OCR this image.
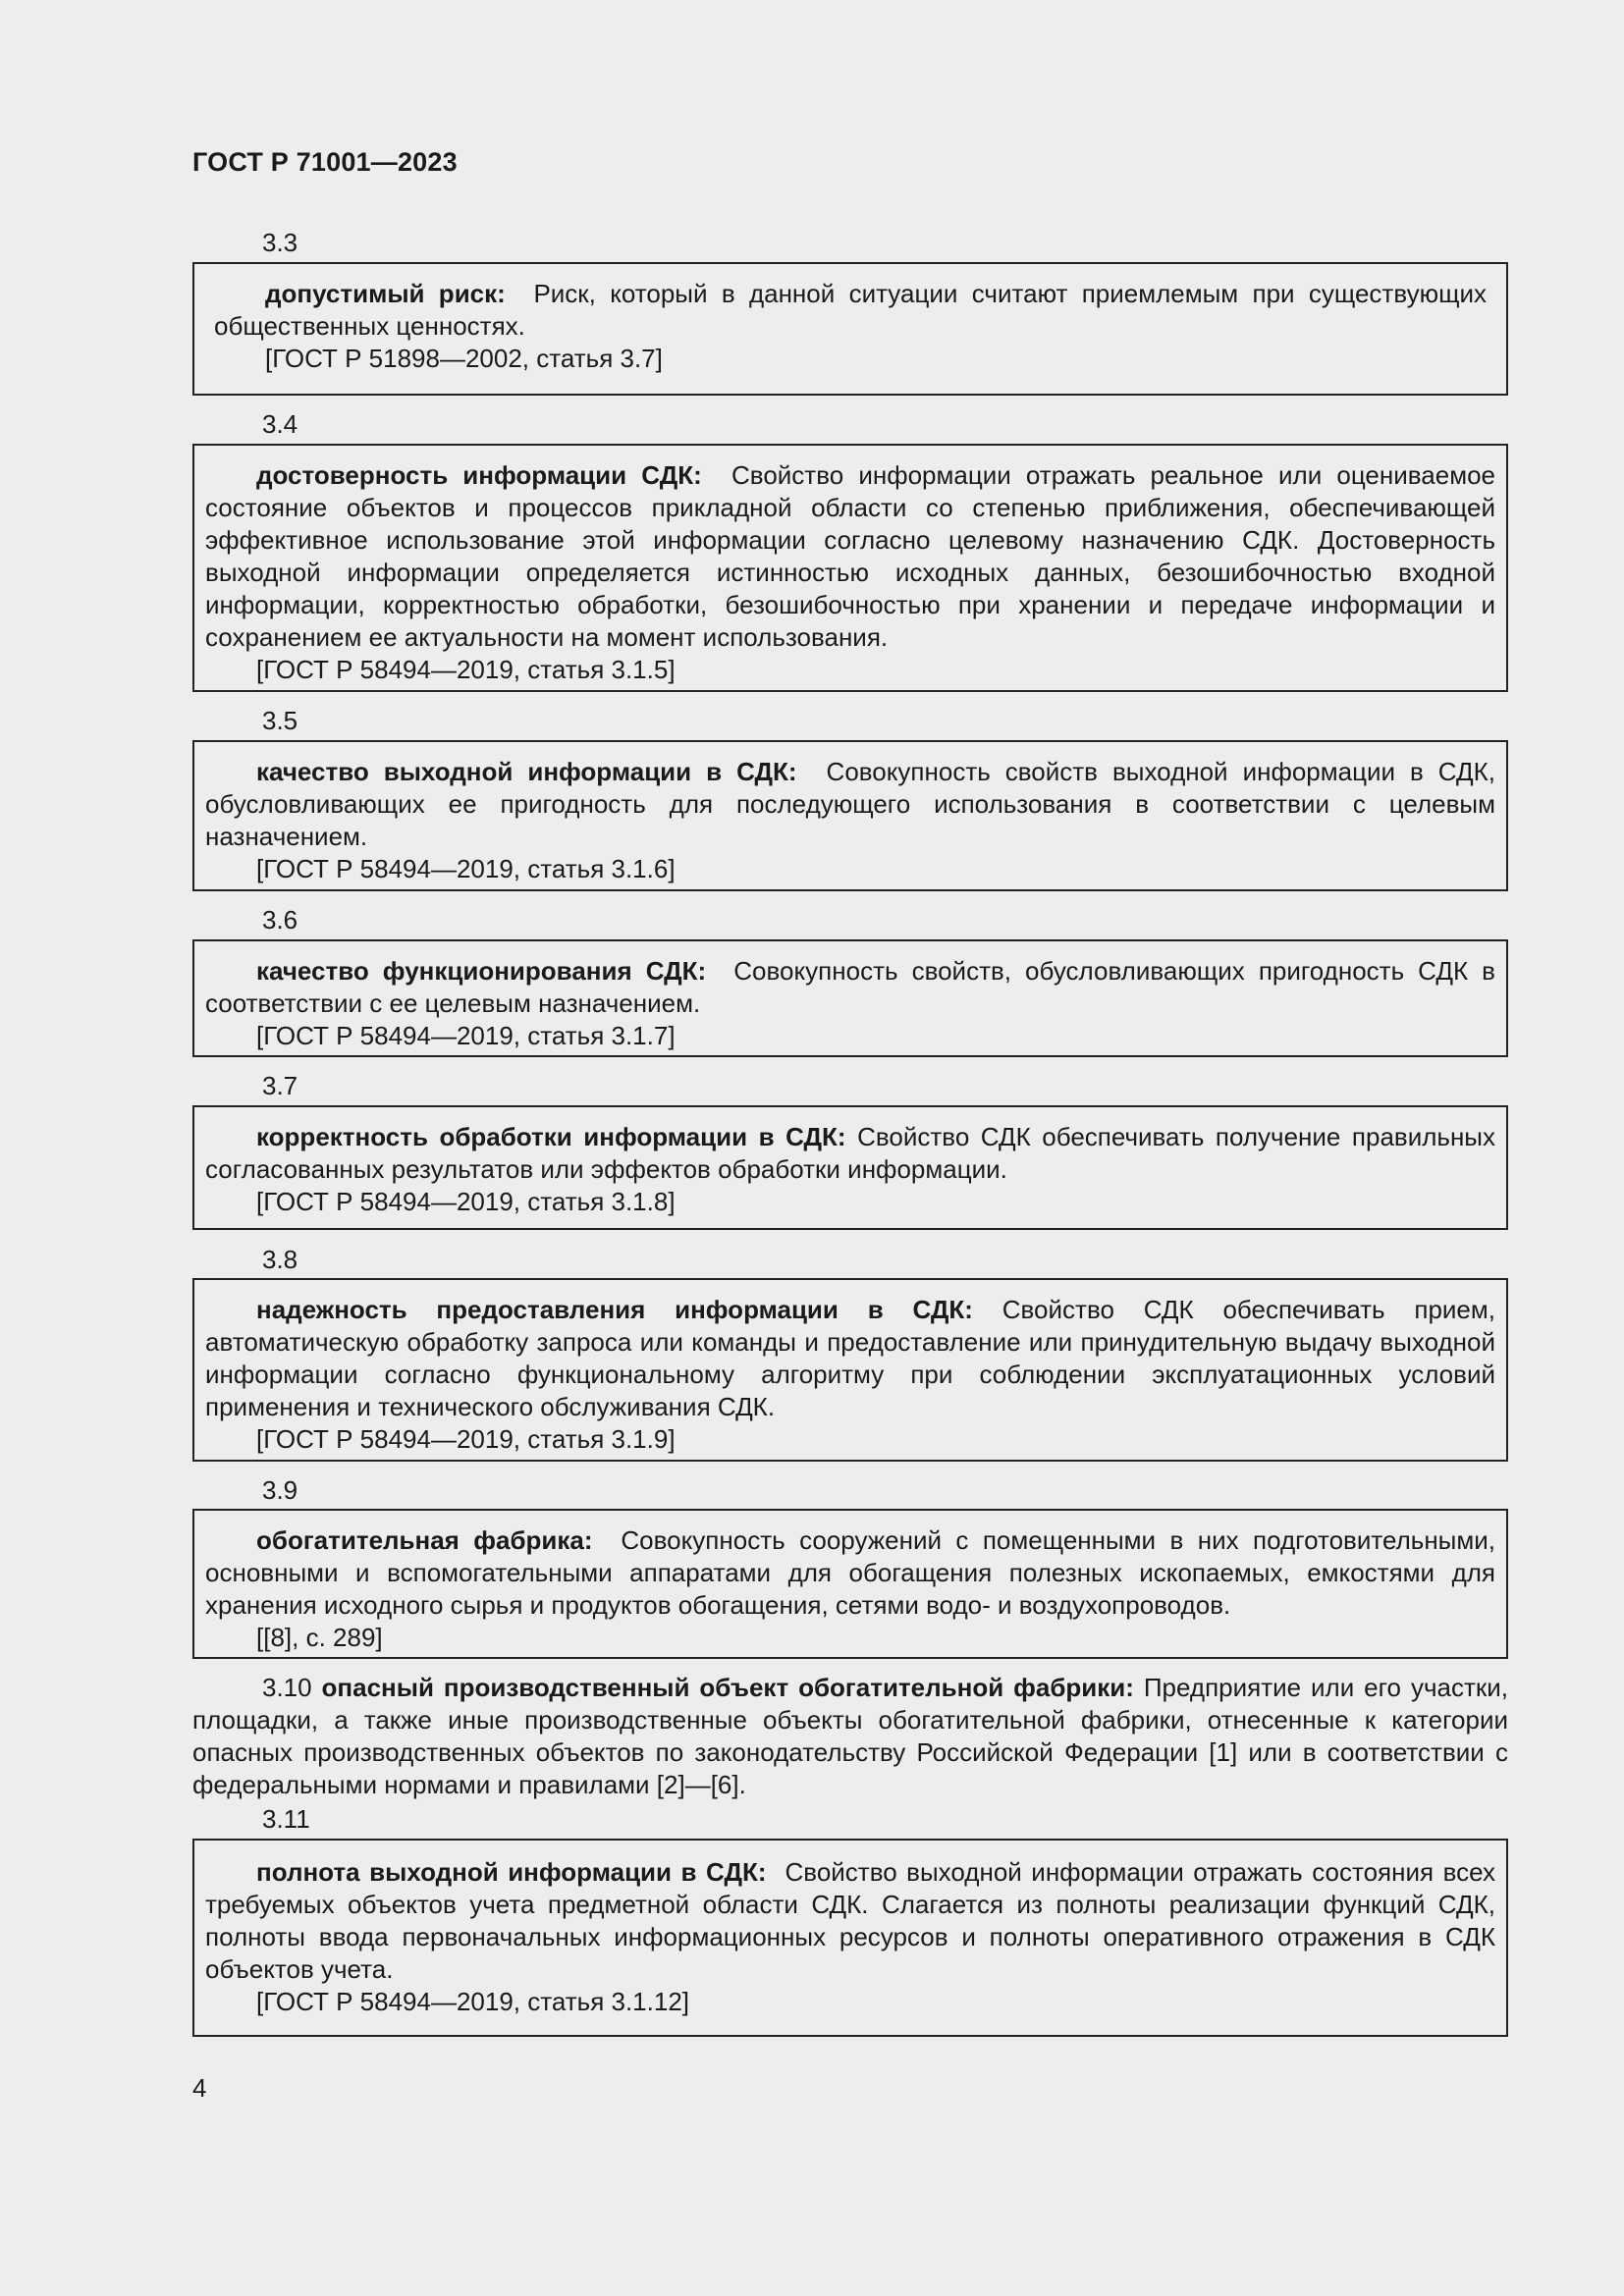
ГОСТ Р 71001—2023
3.3

допустимый риск: Риск, который в данной ситуации считают приемлемым при существующих общественных ценностях.

[ГОСТ Р 51898—2002, статья 3.7]

3.4

достоверность информации СДК: Свойство информации отражать реальное или оцениваемое состояние объектов и процессов прикладной области со степенью приближения, обеспечивающей эффективное использование этой информации согласно целевому назначению СДК. Достоверность выходной информации определяется истинностью исходных данных, безошибочностью входной информации, корректностью обработки, безошибочностью при хранении и передаче информации и сохранением ее актуальности на момент использования.

[ГОСТ Р 58494—2019, статья 3.1.5]

3.5

качество выходной информации в СДК: Совокупность свойств выходной информации в СДК, обусловливающих ее пригодность для последующего использования в соответствии с целевым назначением.

[ГОСТ Р 58494—2019, статья 3.1.6]

3.6

качество функционирования СДК: Совокупность свойств, обусловливающих пригодность СДК в соответствии с ее целевым назначением.

[ГОСТ Р 58494—2019, статья 3.1.7]

3.7

корректность обработки информации в СДК: Свойство СДК обеспечивать получение правильных согласованных результатов или эффектов обработки информации.

[ГОСТ Р 58494—2019, статья 3.1.8]

3.8

надежность предоставления информации в СДК: Свойство СДК обеспечивать прием, автоматическую обработку запроса или команды и предоставление или принудительную выдачу выходной информации согласно функциональному алгоритму при соблюдении эксплуатационных условий применения и технического обслуживания СДК.

[ГОСТ Р 58494—2019, статья 3.1.9]

3.9

обогатительная фабрика: Совокупность сооружений с помещенными в них подготовительными, основными и вспомогательными аппаратами для обогащения полезных ископаемых, емкостями для хранения исходного сырья и продуктов обогащения, сетями водо- и воздухопроводов.

[[8], с. 289]

3.10 опасный производственный объект обогатительной фабрики: Предприятие или его участки, площадки, а также иные производственные объекты обогатительной фабрики, отнесенные к категории опасных производственных объектов по законодательству Российской Федерации [1] или в соответствии с федеральными нормами и правилами [2]—[6].

3.11

полнота выходной информации в СДК: Свойство выходной информации отражать состояния всех требуемых объектов учета предметной области СДК. Слагается из полноты реализации функций СДК, полноты ввода первоначальных информационных ресурсов и полноты оперативного отражения в СДК объектов учета.

[ГОСТ Р 58494—2019, статья 3.1.12]

4
